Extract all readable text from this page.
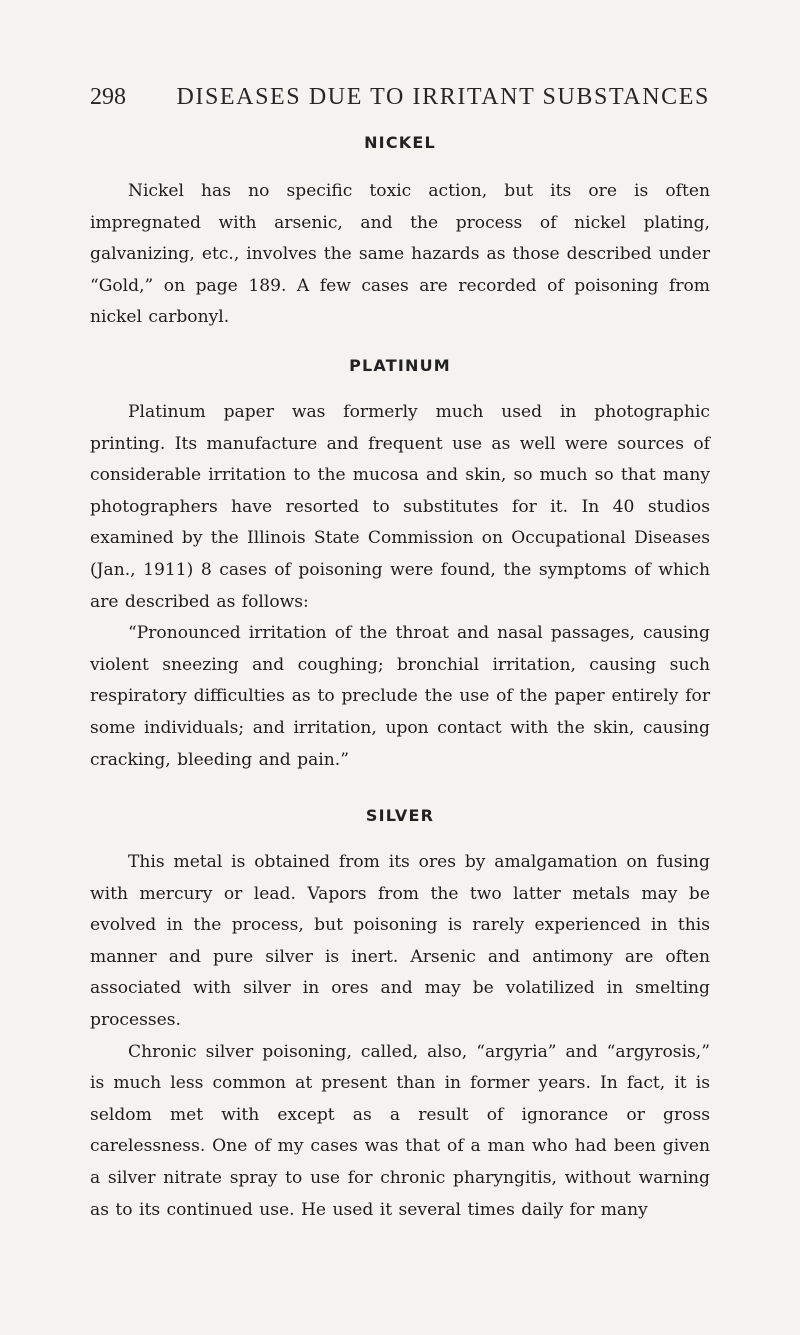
298	DISEASES DUE TO IRRITANT SUBSTANCES
NICKEL

Nickel has no specific toxic action, but its ore is often impregnated with arsenic, and the process of nickel plating, galvanizing, etc., involves the same hazards as those described under “Gold,” on page 189. A few cases are recorded of poisoning from nickel carbonyl.

PLATINUM

Platinum paper was formerly much used in photographic printing. Its manufacture and frequent use as well were sources of considerable irritation to the mucosa and skin, so much so that many photographers have resorted to substitutes for it. In 40 studios examined by the Illinois State Commission on Occupational Diseases (Jan., 1911) 8 cases of poisoning were found, the symptoms of which are described as follows:

“Pronounced irritation of the throat and nasal passages, causing violent sneezing and coughing; bronchial irritation, causing such respiratory difficulties as to preclude the use of the paper entirely for some individuals; and irritation, upon contact with the skin, causing cracking, bleeding and pain.”

SILVER

This metal is obtained from its ores by amalgamation on fusing with mercury or lead. Vapors from the two latter metals may be evolved in the process, but poisoning is rarely experienced in this manner and pure silver is inert. Arsenic and antimony are often associated with silver in ores and may be volatilized in smelting processes.

Chronic silver poisoning, called, also, “argyria” and “argyrosis,” is much less common at present than in former years. In fact, it is seldom met with except as a result of ignorance or gross carelessness. One of my cases was that of a man who had been given a silver nitrate spray to use for chronic pharyngitis, without warning as to its continued use. He used it several times daily for many
